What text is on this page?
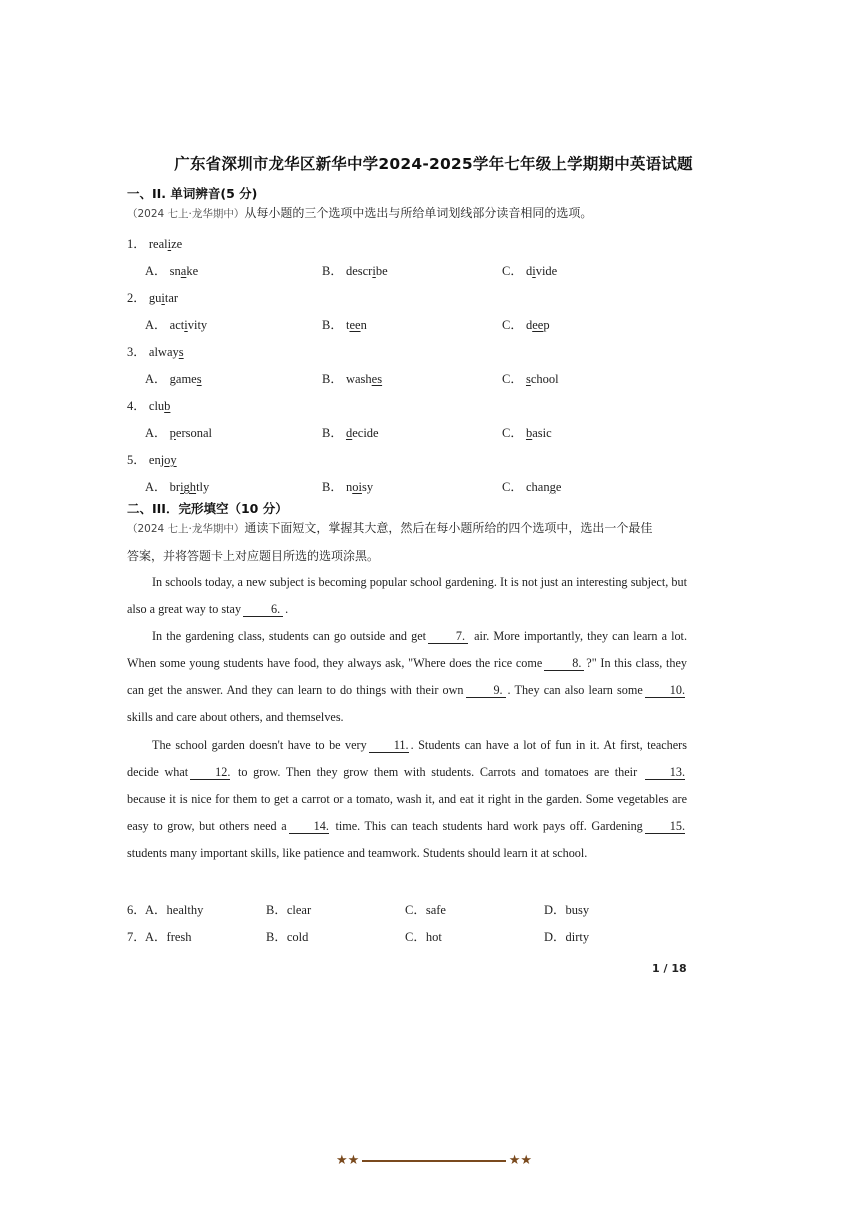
广东省深圳市龙华区新华中学2024-2025学年七年级上学期期中英语试题
一、II. 单词辨音(5 分)
（2024 七上·龙华期中）从每小题的三个选项中选出与所给单词划线部分读音相同的选项。
1． realize
A． snake	B． describe	C． divide
2． guitar
A． activity	B． teen	C． deep
3． always
A． games	B． washes	C． school
4． club
A． personal	B． decide	C． basic
5． enjoy
A． brightly	B． noisy	C． change
二、III．完形填空（10 分）
（2024 七上·龙华期中）通读下面短文，掌握其大意，然后在每小题所给的四个选项中，选出一个最佳
答案，并将答题卡上对应题目所选的选项涂黑。

In schools today, a new subject is becoming popular school gardening. It is not just an interesting subject, but also a great way to stay 6. .

In the gardening class, students can go outside and get 7. air. More importantly, they can learn a lot. When some young students have food, they always ask, "Where does the rice come 8. ?" In this class, they can get the answer. And they can learn to do things with their own 9. . They can also learn some 10. skills and care about others, and themselves.

The school garden doesn't have to be very 11. . Students can have a lot of fun in it. At first, teachers decide what 12. to grow. Then they grow them with students. Carrots and tomatoes are their	13. because it is nice for them to get a carrot or a tomato, wash it, and eat it right in the garden. Some vegetables are easy to grow, but others need a 14. time. This can teach students hard work pays off. Gardening 15. students many important skills, like patience and teamwork. Students should learn it at school.

6． A．healthy	B．clear	C．safe	D．busy
7． A．fresh	B．cold	C．hot	D．dirty
1 / 18
★★	★★
